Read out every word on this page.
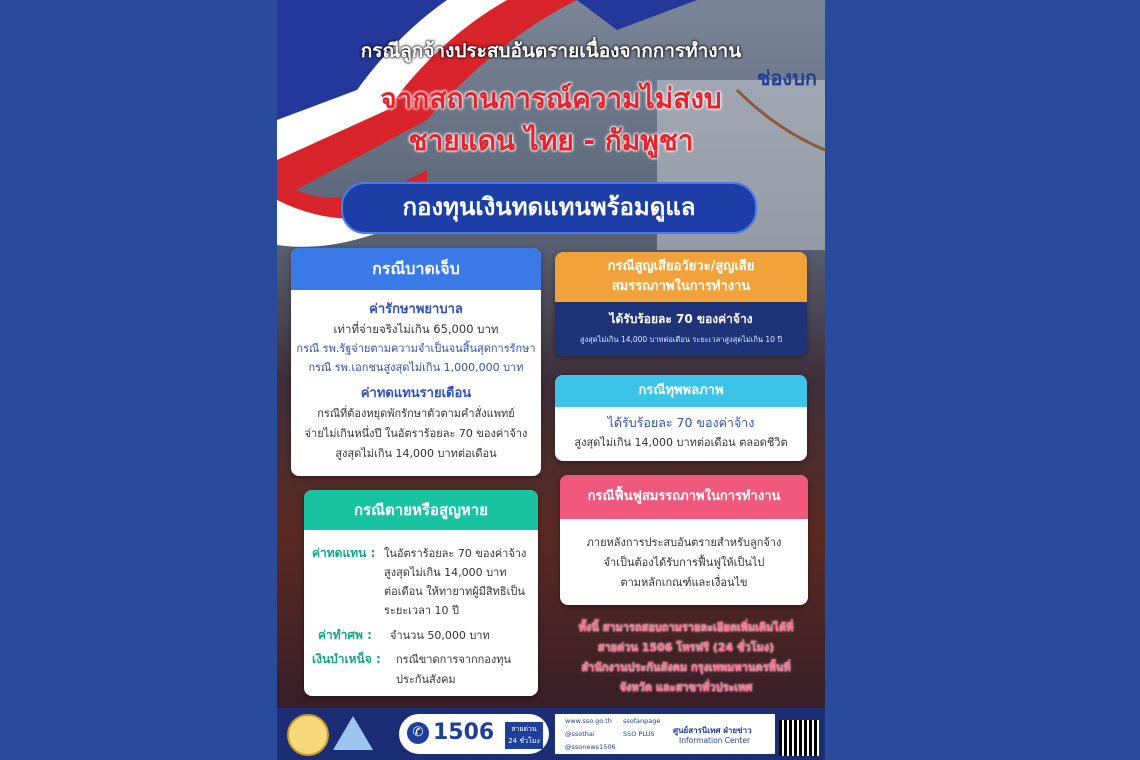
กรณีลูกจ้างประสบอันตรายเนื่องจากการทำงาน
ช่องบก
จากสถานการณ์ความไม่สงบ
ชายแดน ไทย - กัมพูชา
กองทุนเงินทดแทนพร้อมดูแล
กรณีบาดเจ็บ
ค่ารักษาพยาบาล
เท่าที่จ่ายจริงไม่เกิน 65,000 บาท
กรณี รพ.รัฐจ่ายตามความจำเป็นจนสิ้นสุดการรักษา
กรณี รพ.เอกชนสูงสุดไม่เกิน 1,000,000 บาท
ค่าทดแทนรายเดือน
กรณีที่ต้องหยุดพักรักษาตัวตามคำสั่งแพทย์
จ่ายไม่เกินหนึ่งปี ในอัตราร้อยละ 70 ของค่าจ้าง
สูงสุดไม่เกิน 14,000 บาทต่อเดือน
กรณีสูญเสียอวัยวะ/สูญเสีย
สมรรถภาพในการทำงาน
ได้รับร้อยละ 70 ของค่าจ้าง
สูงสุดไม่เกิน 14,000 บาทต่อเดือน ระยะเวลาสูงสุดไม่เกิน 10 ปี
กรณีทุพพลภาพ
ได้รับร้อยละ 70 ของค่าจ้าง
สูงสุดไม่เกิน 14,000 บาทต่อเดือน ตลอดชีวิต
กรณีตายหรือสูญหาย
ค่าทดแทน : ในอัตราร้อยละ 70 ของค่าจ้าง
สูงสุดไม่เกิน 14,000 บาท
ต่อเดือน ให้ทายาทผู้มีสิทธิเป็น
ระยะเวลา 10 ปี
ค่าทำศพ : จำนวน 50,000 บาท
เงินบำเหน็จ : กรณีขาดการจากกองทุน
ประกันสังคม
กรณีฟื้นฟูสมรรถภาพในการทำงาน
ภายหลังการประสบอันตรายสำหรับลูกจ้าง
จำเป็นต้องได้รับการฟื้นฟูให้เป็นไป
ตามหลักเกณฑ์และเงื่อนไข
ทั้งนี้ สามารถสอบถามรายละเอียดเพิ่มเติมได้ที่
สายด่วน 1506 โทรฟรี (24 ชั่วโมง)
สำนักงานประกันสังคม กรุงเทพมหานครพื้นที่
จังหวัด และสาขาทั่วประเทศ
✆ 1506	สายด่วน
24 ชั่วโมง
www.sso.go.th ssofanpage
@ssothai	SSO PLUS
@ssonews1506
ศูนย์สารนิเทศ ฝ่ายข่าว
Information Center
